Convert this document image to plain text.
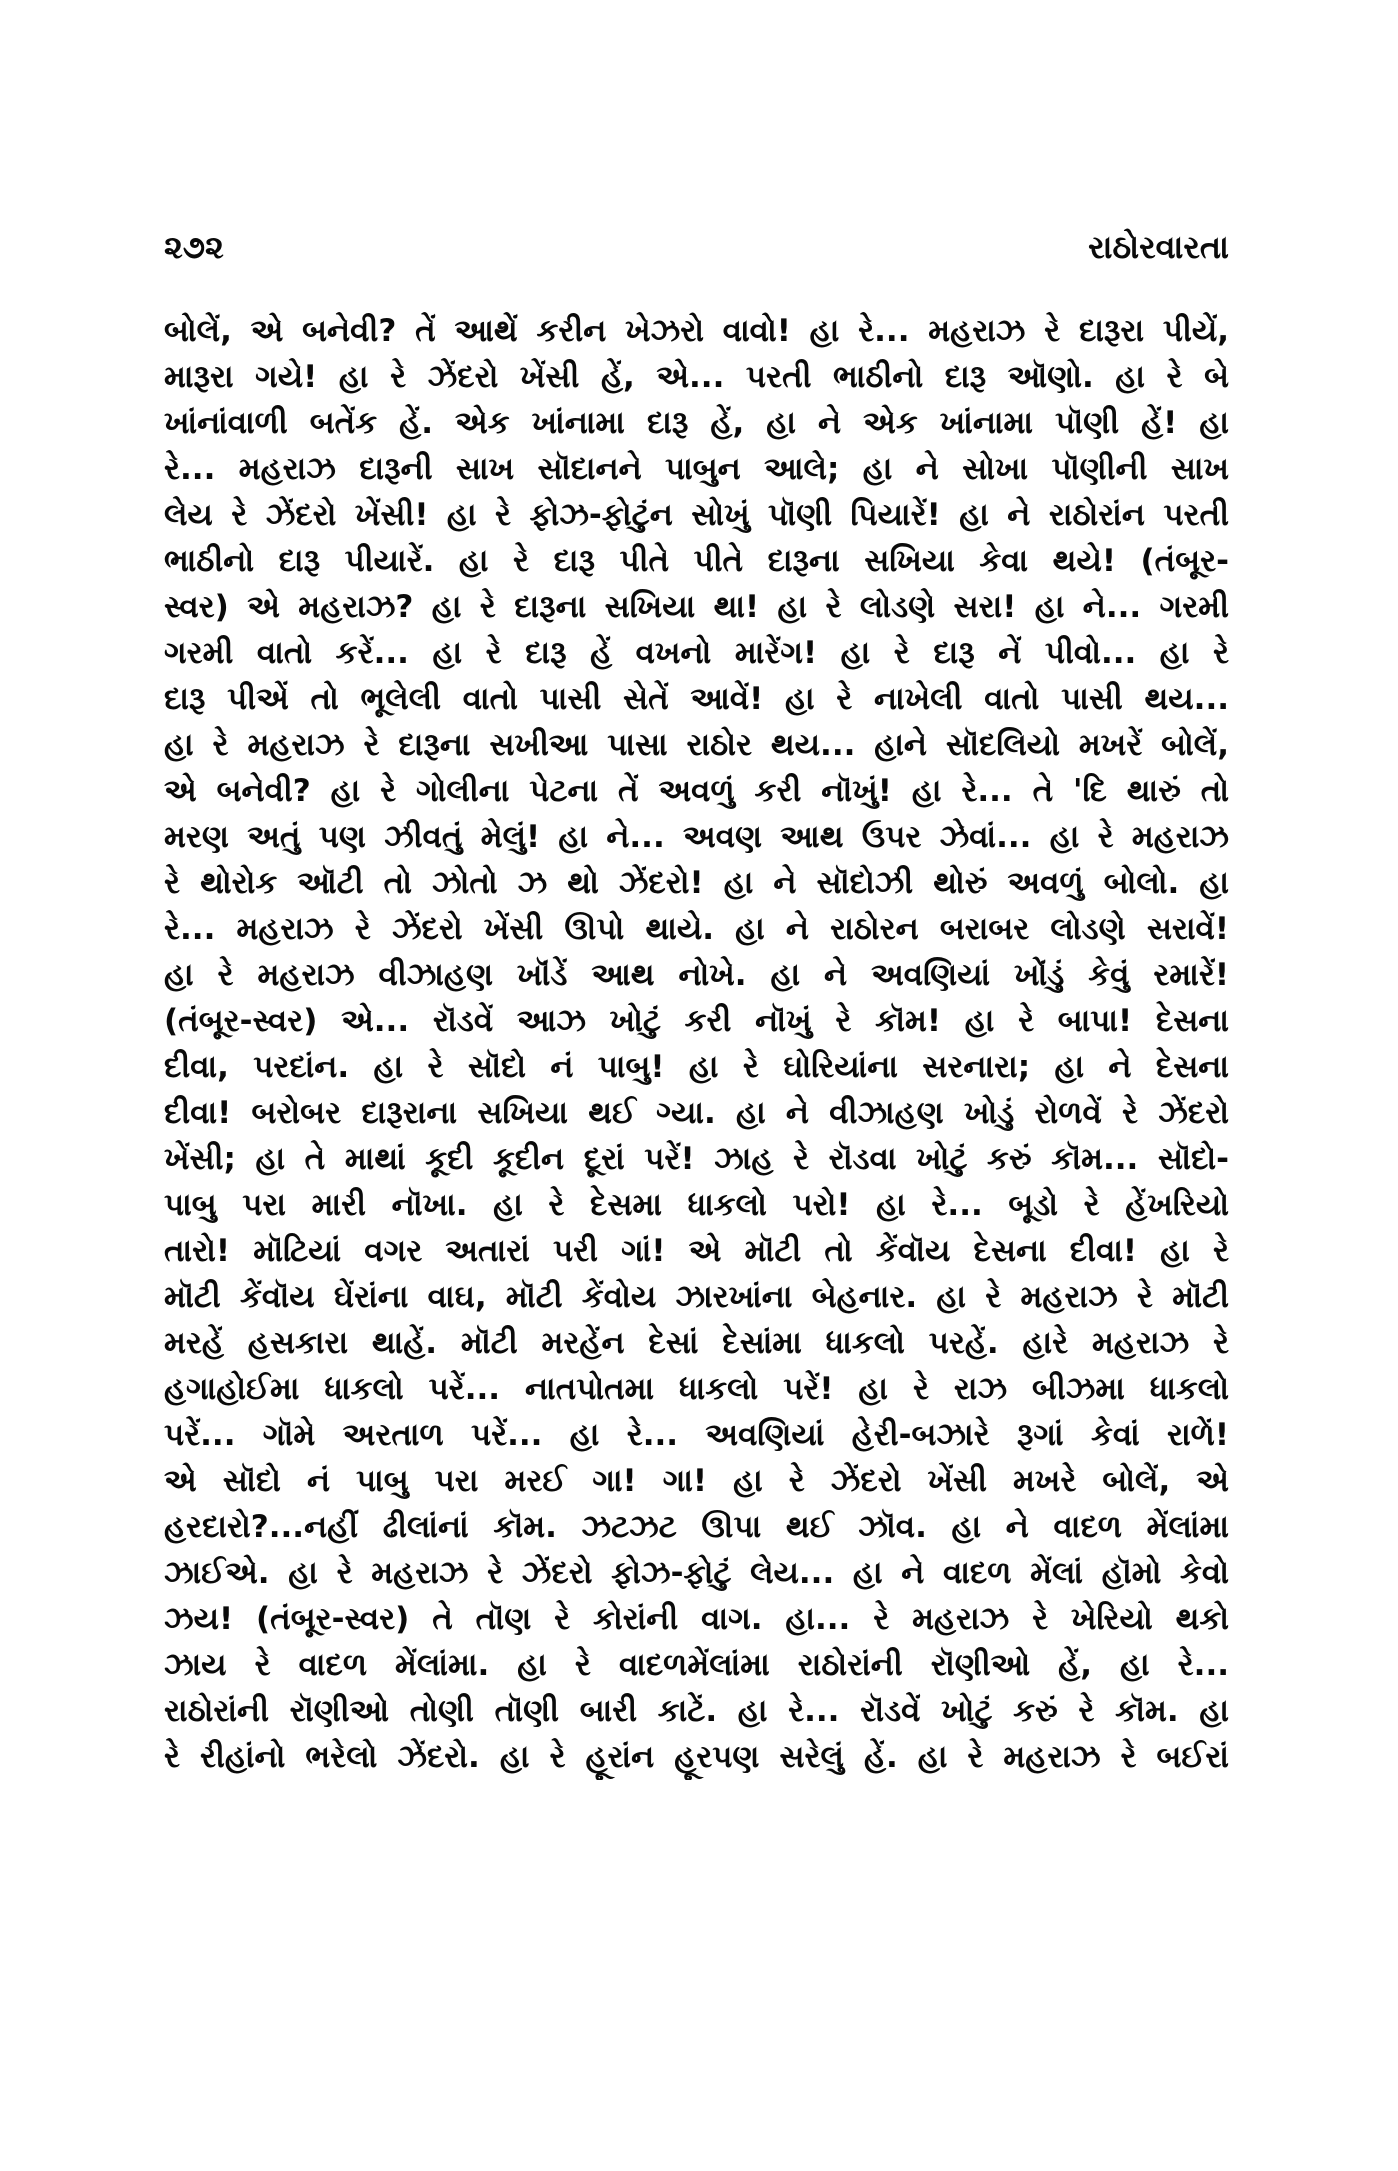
૨૭૨	રાઠોરવારતા
બોલેં, એ બનેવી? તેં આથેં કરીન ખેઝરો વાવો! હા રે... મહરાઝ રે દારૂરા પીયેં,
મારૂરા ગયે! હા રે ઝેંદરો ખેંસી હેં, એ... પરતી ભાઠીનો દારૂ ઑણો. હા રે બે
ખાંનાંવાળી બતેંક હેં. એક ખાંનામા દારૂ હેં, હા ને એક ખાંનામા પૉણી હેં! હા
રે... મહરાઝ દારૂની સાખ સૉદાનને પાબુન આલે; હા ને સોખા પૉણીની સાખ
લેય રે ઝેંદરો ખેંસી! હા રે ફોઝ-ફોટુંન સોખું પૉણી પિયારેં! હા ને રાઠોરાંન પરતી
ભાઠીનો દારૂ પીયારેં. હા રે દારૂ પીતે પીતે દારૂના સખિયા કેવા થયે! (તંબૂર-
સ્વર) એ મહરાઝ? હા રે દારૂના સખિયા થા! હા રે લોડણે સરા! હા ને... ગરમી
ગરમી વાતો કરેં... હા રે દારૂ હેં વખનો મારેંગ! હા રે દારૂ નેં પીવો... હા રે
દારૂ પીએં તો ભૂલેલી વાતો પાસી સેતેં આવેં! હા રે નાખેલી વાતો પાસી થય...
હા રે મહરાઝ રે દારૂના સખીઆ પાસા રાઠોર થય... હાને સૉદલિયો મખરેં બોલેં,
એ બનેવી? હા રે ગોલીના પેટના તેં અવળું કરી નૉખું! હા રે... તે 'દિ થારું તો
મરણ અતું પણ ઝીવતું મેલું! હા ને... અવણ આથ ઉપર ઝેવાં... હા રે મહરાઝ
રે થોરોક ઑટી તો ઝોતો ઝ થો ઝેંદરો! હા ને સૉદોઝી થોરું અવળું બોલો. હા
રે... મહરાઝ રે ઝેંદરો ખેંસી ઊપો થાયે. હા ને રાઠોરન બરાબર લોડણે સરાવેં!
હા રે મહરાઝ વીઝાહણ ખૉંડેં આથ નોખે. હા ને અવણિયાં ખોંડું કેવું રમારેં!
(તંબૂર-સ્વર) એ... રૉડવેં આઝ ખોટું કરી નૉખું રે કૉમ! હા રે બાપા! દેસના
દીવા, પરદાંન. હા રે સૉદો નં પાબુ! હા રે ઘોરિયાંના સરનારા; હા ને દેસના
દીવા! બરોબર દારૂરાના સખિયા થઈ ગ્યા. હા ને વીઝાહણ ખોડું રોળવેં રે ઝેંદરો
ખેંસી; હા તે માથાં કૂદી કૂદીન દૂરાં પરેં! ઝાહ રે રૉડવા ખોટું કરું કૉમ... સૉદો-
પાબુ પરા મારી નૉખા. હા રે દેસમા ધાકલો પરો! હા રે... બૂડો રે હેંખરિયો
તારો! મૉટિયાં વગર અતારાં પરી ગાં! એ મૉટી તો કેંવૉય દેસના દીવા! હા રે
મૉટી કેંવૉય ઘેંરાંના વાઘ, મૉટી કેંવોય ઝારખાંના બેહનાર. હા રે મહરાઝ રે મૉટી
મરહેં હસકારા થાહેં. મૉટી મરહેંન દેસાં દેસાંમા ધાકલો પરહેં. હારે મહરાઝ રે
હગાહોઈમા ધાકલો પરેં... નાતપોતમા ધાકલો પરેં! હા રે રાઝ બીઝમા ધાકલો
પરેં... ગૉમે અરતાળ પરેં... હા રે... અવણિયાં હેરી-બઝારે રૂગાં કેવાં રાળેં!
એ સૉદો નં પાબુ પરા મરઈ ગા! ગા! હા રે ઝેંદરો ખેંસી મખરે બોલેં, એ
હરદારો?...નહીં ઢીલાંનાં કૉમ. ઝટઝટ ઊપા થઈ ઝૉવ. હા ને વાદળ મેંલાંમા
ઝાઈએ. હા રે મહરાઝ રે ઝેંદરો ફોઝ-ફોટું લેય... હા ને વાદળ મેંલાં હૉમો કેવો
ઝય! (તંબૂર-સ્વર) તે તૉણ રે કોરાંની વાગ. હા... રે મહરાઝ રે ખેરિયો થકો
ઝાય રે વાદળ મેંલાંમા. હા રે વાદળમેંલાંમા રાઠોરાંની રૉણીઓ હેં, હા રે...
રાઠોરાંની રૉણીઓ તોણી તૉણી બારી કાટેં. હા રે... રૉડવેં ખોટું કરું રે કૉમ. હા
રે રીહાંનો ભરેલો ઝેંદરો. હા રે હૂરાંન હૂરપણ સરેલું હેં. હા રે મહરાઝ રે બઈરાં
